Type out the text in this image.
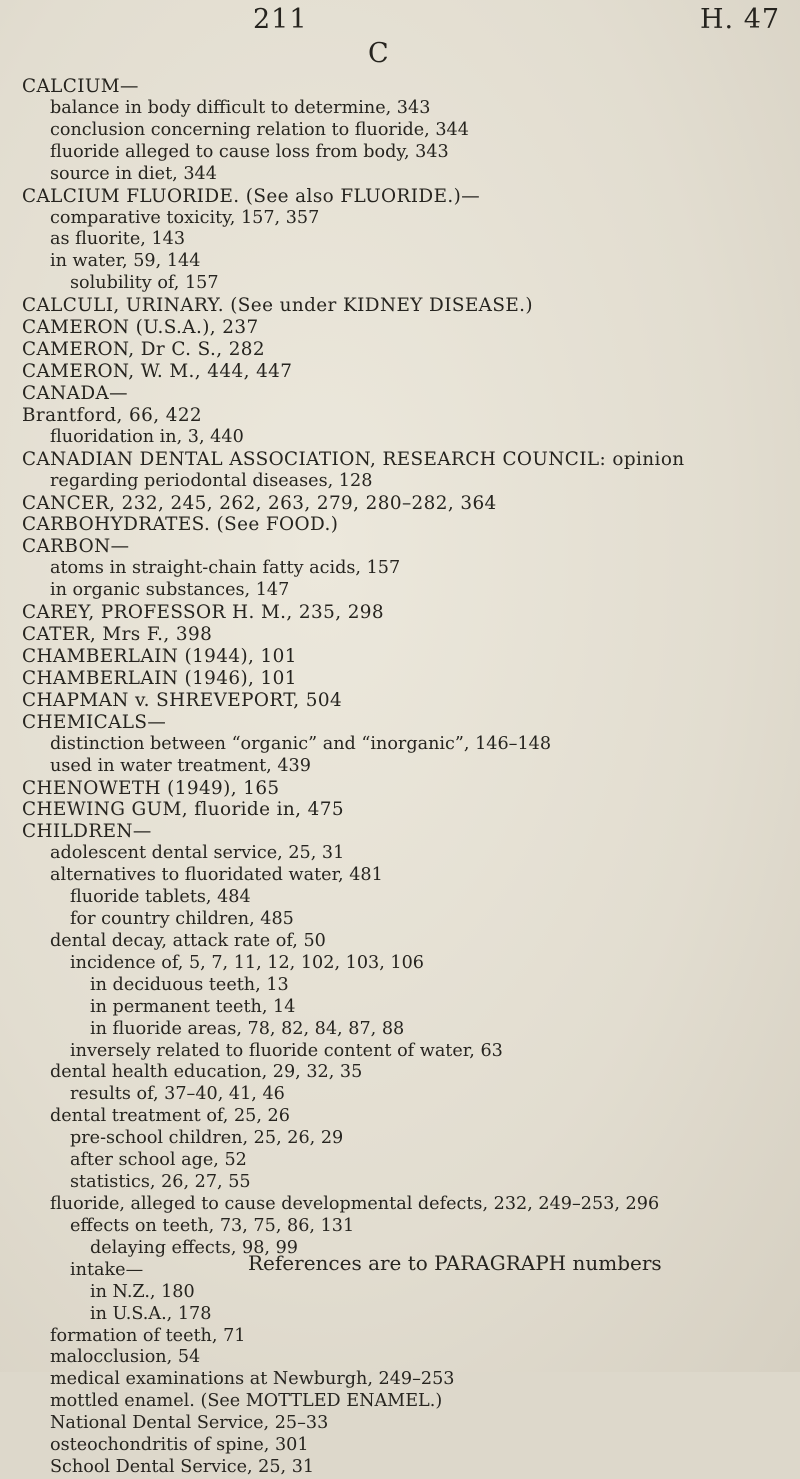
211	H. 47
C
CALCIUM—
balance in body difficult to determine, 343
conclusion concerning relation to fluoride, 344
fluoride alleged to cause loss from body, 343
source in diet, 344
CALCIUM FLUORIDE. (See also FLUORIDE.)—
comparative toxicity, 157, 357
as fluorite, 143
in water, 59, 144
solubility of, 157
CALCULI, URINARY. (See under KIDNEY DISEASE.)
CAMERON (U.S.A.), 237
CAMERON, Dr C. S., 282
CAMERON, W. M., 444, 447
CANADA—
Brantford, 66, 422
fluoridation in, 3, 440
CANADIAN DENTAL ASSOCIATION, RESEARCH COUNCIL: opinion
regarding periodontal diseases, 128
CANCER, 232, 245, 262, 263, 279, 280–282, 364
CARBOHYDRATES. (See FOOD.)
CARBON—
atoms in straight-chain fatty acids, 157
in organic substances, 147
CAREY, PROFESSOR H. M., 235, 298
CATER, Mrs F., 398
CHAMBERLAIN (1944), 101
CHAMBERLAIN (1946), 101
CHAPMAN v. SHREVEPORT, 504
CHEMICALS—
distinction between “organic” and “inorganic”, 146–148
used in water treatment, 439
CHENOWETH (1949), 165
CHEWING GUM, fluoride in, 475
CHILDREN—
adolescent dental service, 25, 31
alternatives to fluoridated water, 481
fluoride tablets, 484
for country children, 485
dental decay, attack rate of, 50
incidence of, 5, 7, 11, 12, 102, 103, 106
in deciduous teeth, 13
in permanent teeth, 14
in fluoride areas, 78, 82, 84, 87, 88
inversely related to fluoride content of water, 63
dental health education, 29, 32, 35
results of, 37–40, 41, 46
dental treatment of, 25, 26
pre-school children, 25, 26, 29
after school age, 52
statistics, 26, 27, 55
fluoride, alleged to cause developmental defects, 232, 249–253, 296
effects on teeth, 73, 75, 86, 131
delaying effects, 98, 99
intake—
in N.Z., 180
in U.S.A., 178
formation of teeth, 71
malocclusion, 54
medical examinations at Newburgh, 249–253
mottled enamel. (See MOTTLED ENAMEL.)
National Dental Service, 25–33
osteochondritis of spine, 301
School Dental Service, 25, 31
References are to PARAGRAPH numbers
